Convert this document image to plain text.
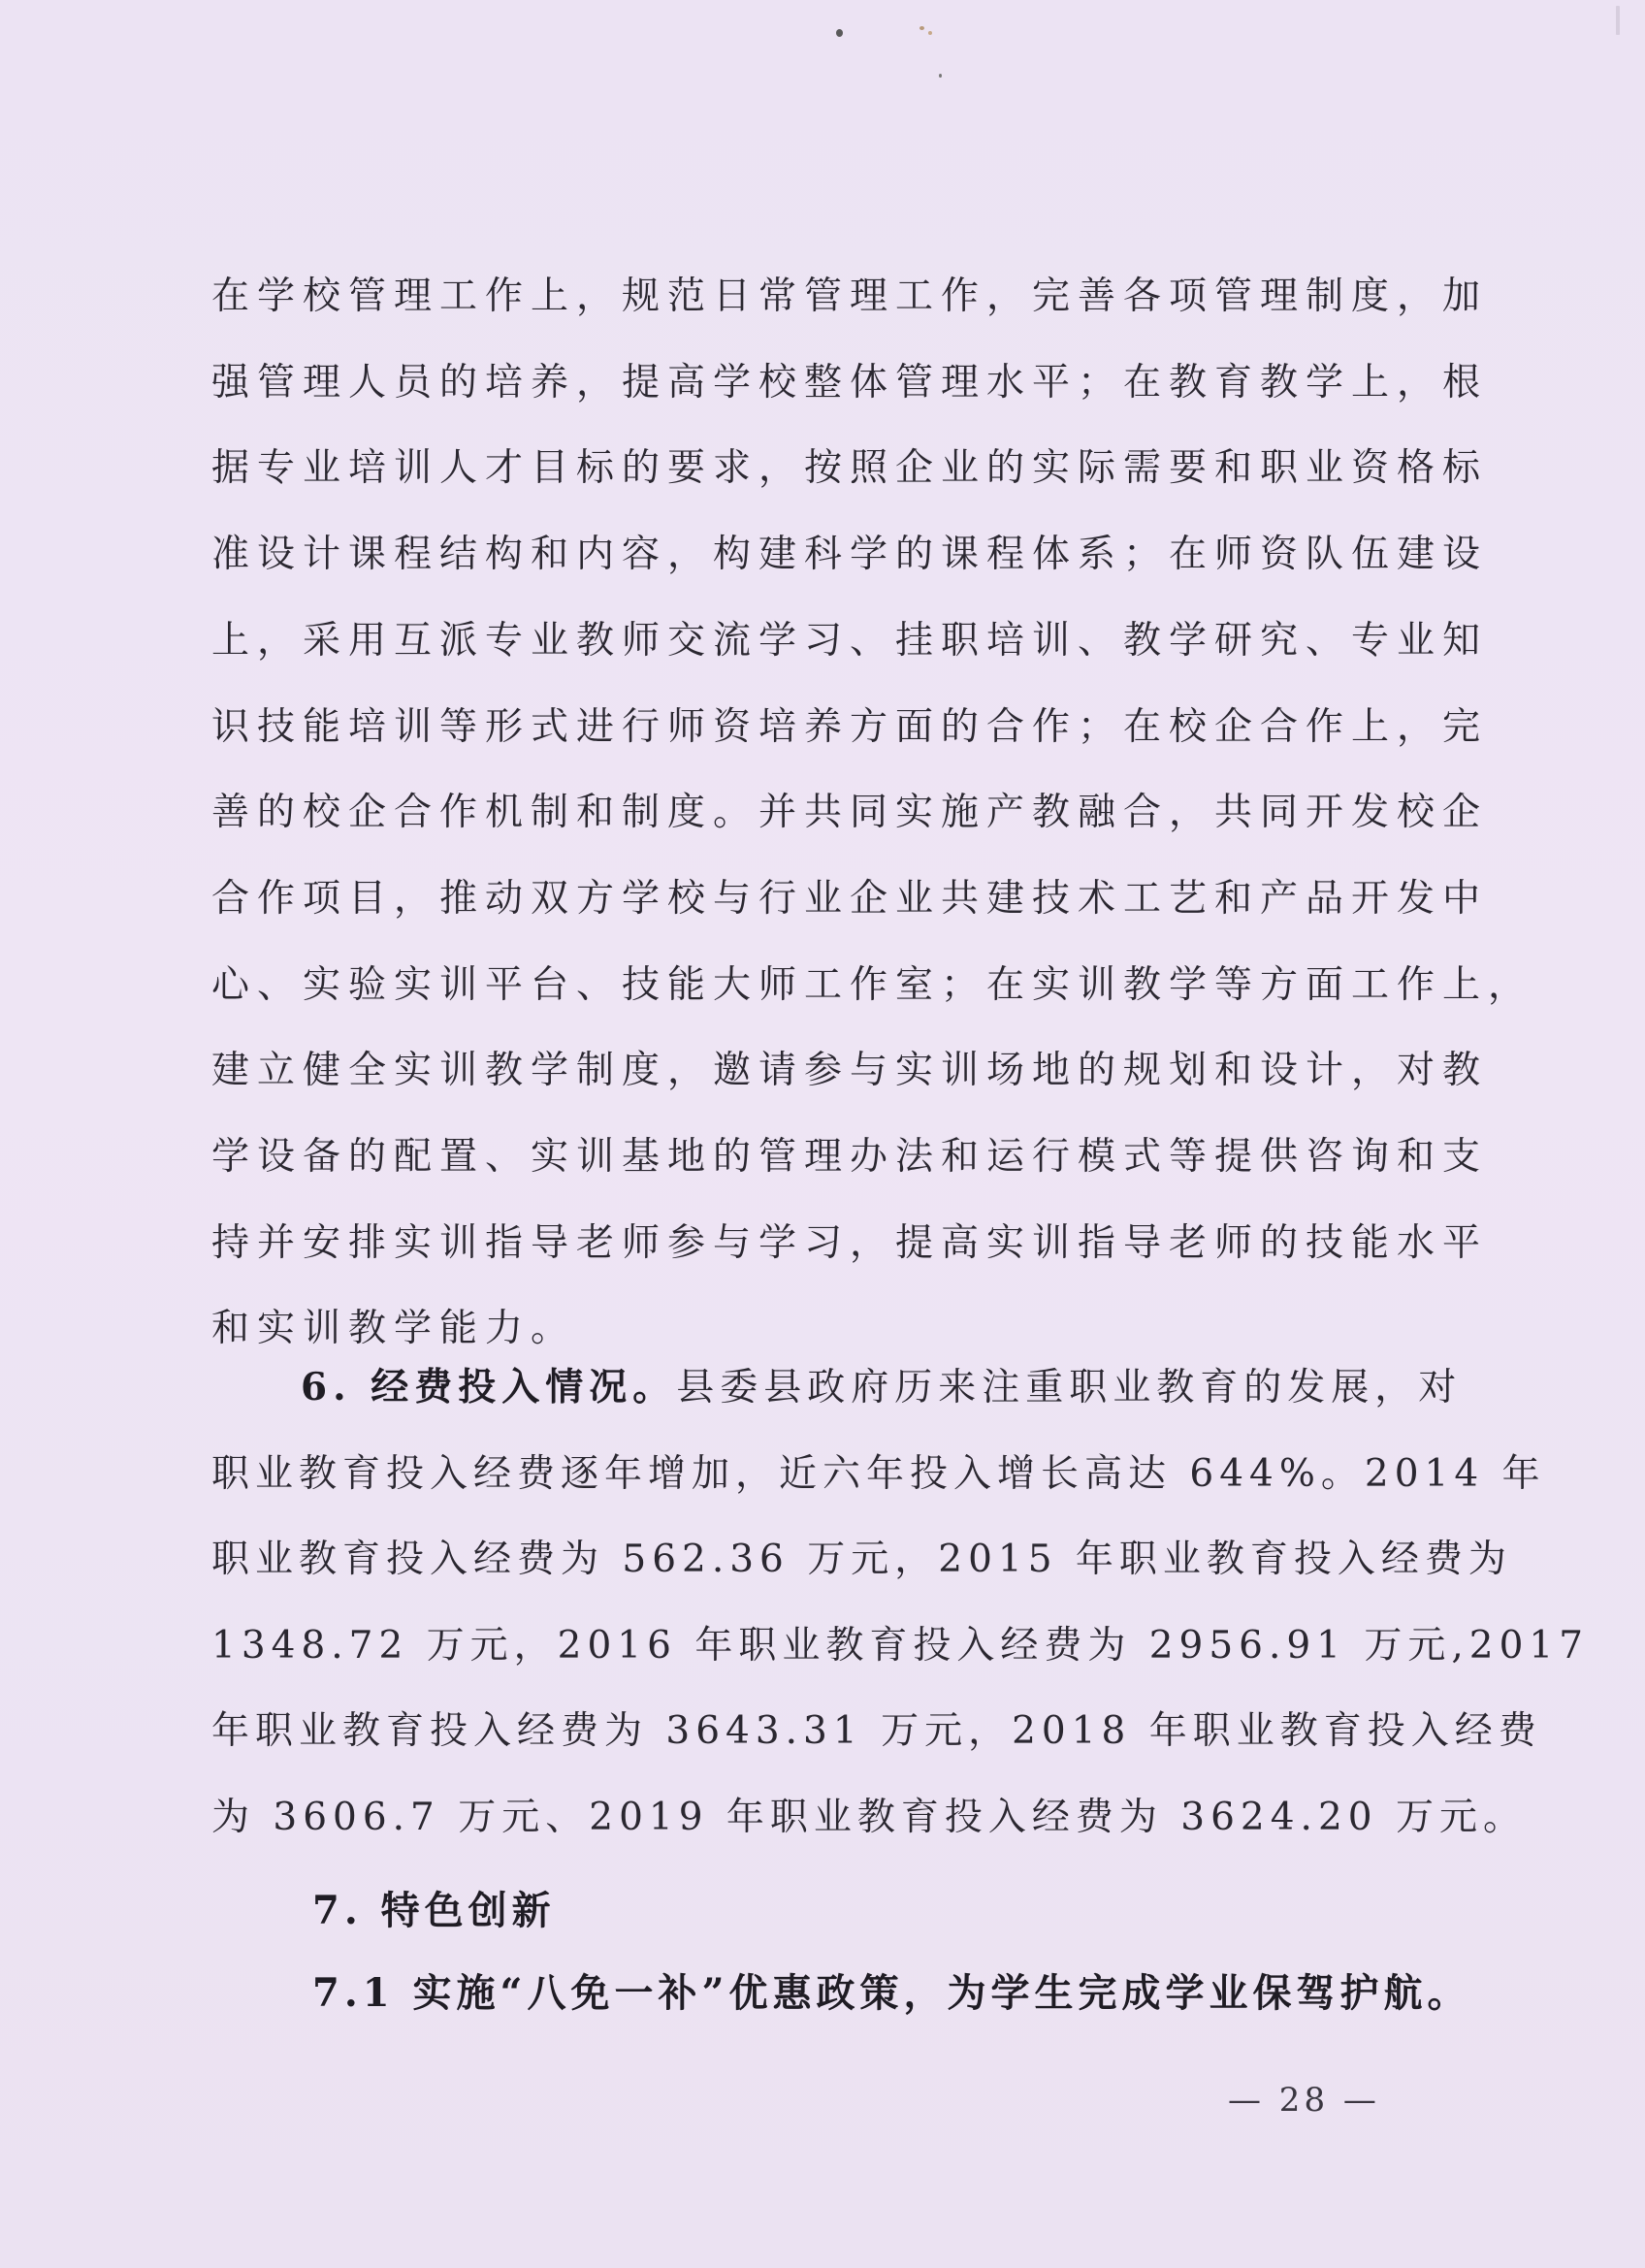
在学校管理工作上，规范日常管理工作，完善各项管理制度，加
强管理人员的培养，提高学校整体管理水平；在教育教学上，根
据专业培训人才目标的要求，按照企业的实际需要和职业资格标
准设计课程结构和内容，构建科学的课程体系；在师资队伍建设
上，采用互派专业教师交流学习、挂职培训、教学研究、专业知
识技能培训等形式进行师资培养方面的合作；在校企合作上，完
善的校企合作机制和制度。并共同实施产教融合，共同开发校企
合作项目，推动双方学校与行业企业共建技术工艺和产品开发中
心、实验实训平台、技能大师工作室；在实训教学等方面工作上，
建立健全实训教学制度，邀请参与实训场地的规划和设计，对教
学设备的配置、实训基地的管理办法和运行模式等提供咨询和支
持并安排实训指导老师参与学习，提高实训指导老师的技能水平
和实训教学能力。
6. 经费投入情况。县委县政府历来注重职业教育的发展，对
职业教育投入经费逐年增加，近六年投入增长高达 644%。2014 年
职业教育投入经费为 562.36 万元，2015 年职业教育投入经费为
1348.72 万元，2016 年职业教育投入经费为 2956.91 万元,2017
年职业教育投入经费为 3643.31 万元，2018 年职业教育投入经费
为 3606.7 万元、2019 年职业教育投入经费为 3624.20 万元。
7. 特色创新
7.1 实施“八免一补”优惠政策，为学生完成学业保驾护航。
— 28 —
